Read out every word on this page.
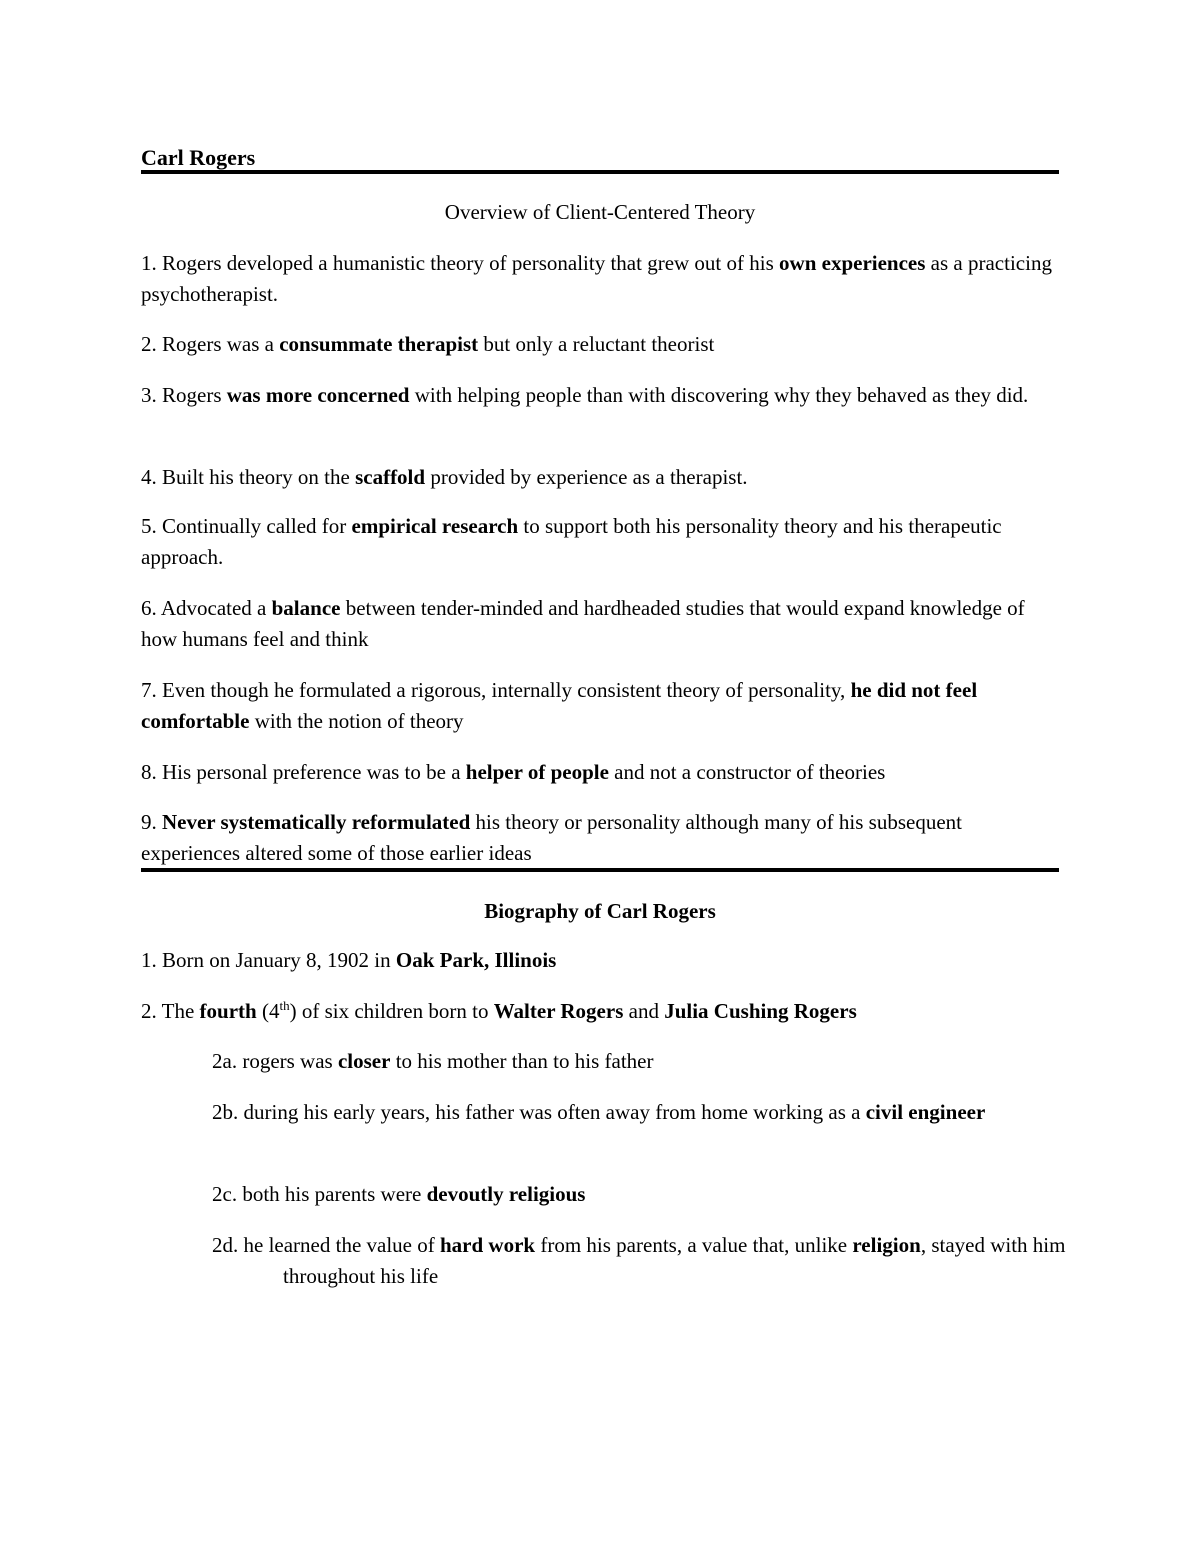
Carl Rogers
Overview of Client-Centered Theory
1. Rogers developed a humanistic theory of personality that grew out of his own experiences as a practicing psychotherapist.
2. Rogers was a consummate therapist but only a reluctant theorist
3. Rogers was more concerned with helping people than with discovering why they behaved as they did.
4. Built his theory on the scaffold provided by experience as a therapist.
5. Continually called for empirical research to support both his personality theory and his therapeutic approach.
6. Advocated a balance between tender-minded and hardheaded studies that would expand knowledge of how humans feel and think
7. Even though he formulated a rigorous, internally consistent theory of personality, he did not feel comfortable with the notion of theory
8. His personal preference was to be a helper of people and not a constructor of theories
9. Never systematically reformulated his theory or personality although many of his subsequent experiences altered some of those earlier ideas
Biography of Carl Rogers
1. Born on January 8, 1902 in Oak Park, Illinois
2. The fourth (4th) of six children born to Walter Rogers and Julia Cushing Rogers
2a. rogers was closer to his mother than to his father
2b. during his early years, his father was often away from home working as a civil engineer
2c. both his parents were devoutly religious
2d. he learned the value of hard work from his parents, a value that, unlike religion, stayed with him throughout his life
